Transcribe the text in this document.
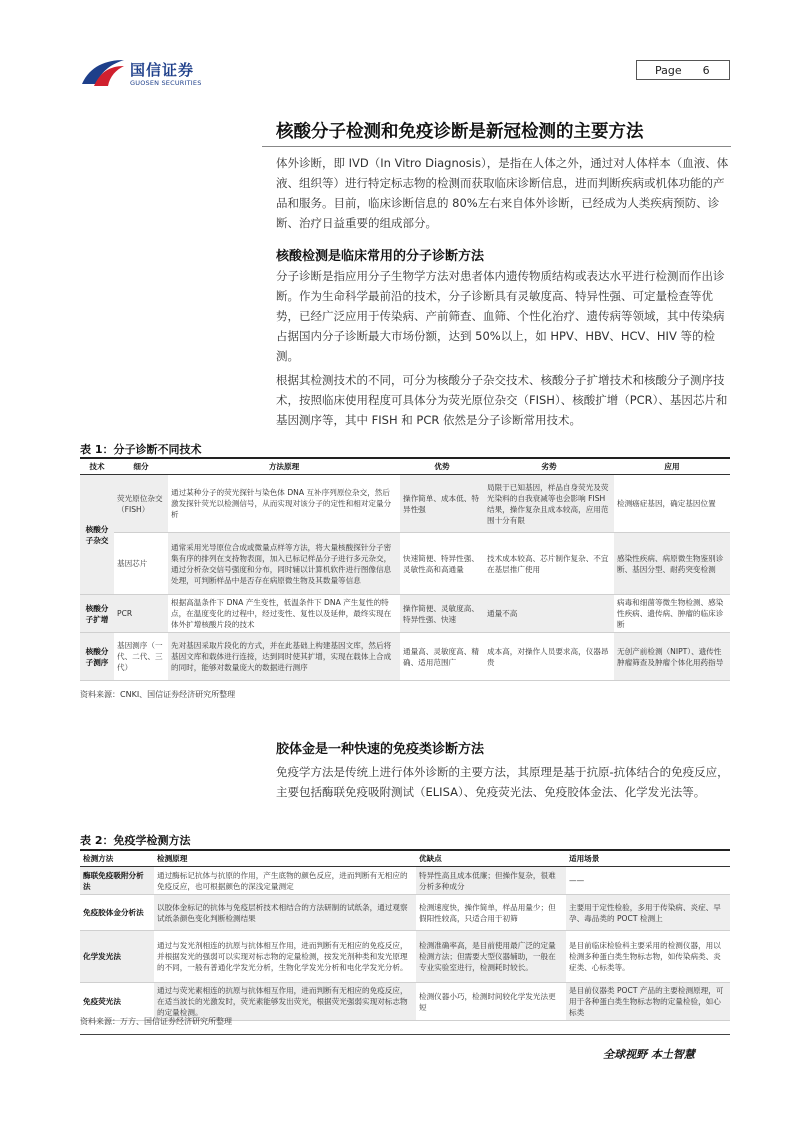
国信证券
GUOSEN SECURITIES
Page 6
核酸分子检测和免疫诊断是新冠检测的主要方法
体外诊断，即 IVD（In Vitro Diagnosis），是指在人体之外，通过对人体样本（血液、体液、组织等）进行特定标志物的检测而获取临床诊断信息，进而判断疾病或机体功能的产品和服务。目前，临床诊断信息的 80%左右来自体外诊断，已经成为人类疾病预防、诊断、治疗日益重要的组成部分。
核酸检测是临床常用的分子诊断方法
分子诊断是指应用分子生物学方法对患者体内遗传物质结构或表达水平进行检测而作出诊断。作为生命科学最前沿的技术，分子诊断具有灵敏度高、特异性强、可定量检查等优势，已经广泛应用于传染病、产前筛查、血筛、个性化治疗、遗传病等领域，其中传染病占据国内分子诊断最大市场份额，达到 50%以上，如 HPV、HBV、HCV、HIV 等的检测。
根据其检测技术的不同，可分为核酸分子杂交技术、核酸分子扩增技术和核酸分子测序技术，按照临床使用程度可具体分为荧光原位杂交（FISH）、核酸扩增（PCR）、基因芯片和基因测序等，其中 FISH 和 PCR 依然是分子诊断常用技术。
表 1：分子诊断不同技术
技术	细分	方法原理	优势	劣势	应用
核酸分子杂交	荧光原位杂交（FISH）	通过某种分子的荧光探针与染色体 DNA 互补序列原位杂交，然后激发探针荧光以检测信号，从而实现对该分子的定性和相对定量分析	操作简单、成本低、特异性强	局限于已知基因，样品自身荧光及荧光染料的自我衰减等也会影响 FISH 结果，操作复杂且成本较高，应用范围十分有限	检测癌症基因，确定基因位置
	基因芯片	通常采用光导原位合成或微量点样等方法，将大量核酸探针分子密集有序的排列在支持物表面，加入已标记样品分子进行多元杂交，通过分析杂交信号强度和分布，同时辅以计算机软件进行图像信息处理，可判断样品中是否存在病原微生物及其数量等信息	快速简便、特异性强、灵敏性高和高通量	技术成本较高、芯片制作复杂、不宜在基层推广使用	感染性疾病、病原微生物鉴别诊断、基因分型、耐药突变检测
核酸分子扩增	PCR	根据高温条件下 DNA 产生变性，低温条件下 DNA 产生复性的特点，在温度变化的过程中，经过变性、复性以及延伸，最终实现在体外扩增核酸片段的技术	操作简便、灵敏度高、特异性强、快速	通量不高	病毒和细菌等微生物检测、感染性疾病、遗传病、肿瘤的临床诊断
核酸分子测序	基因测序（一代、二代、三代）	先对基因采取片段化的方式，并在此基础上构建基因文库，然后将基因文库和载体进行连接，达到同时使其扩增，实现在载体上合成的同时，能够对数量庞大的数据进行测序	通量高、灵敏度高、精确、适用范围广	成本高，对操作人员要求高，仪器昂贵	无创产前检测（NIPT）、遗传性肿瘤筛查及肿瘤个体化用药指导
资料来源：CNKI、国信证券经济研究所整理
胶体金是一种快速的免疫类诊断方法
免疫学方法是传统上进行体外诊断的主要方法，其原理是基于抗原-抗体结合的免疫反应，主要包括酶联免疫吸附测试（ELISA）、免疫荧光法、免疫胶体金法、化学发光法等。
表 2：免疫学检测方法
检测方法	检测原理	优缺点	适用场景
酶联免疫吸附分析法	通过酶标记抗体与抗原的作用，产生底物的颜色反应，进而判断有无相应的免疫反应，也可根据颜色的深浅定量测定	特异性高且成本低廉；但操作复杂，很难分析多种成分	——
免疫胶体金分析法	以胶体金标记的抗体与免疫层析技术相结合的方法研制的试纸条，通过观察试纸条颜色变化判断检测结果	检测速度快，操作简单，样品用量少；但假阳性较高，只适合用于初筛	主要用于定性检验，多用于传染病、炎症、早孕、毒品类的 POCT 检测上
化学发光法	通过与发光剂相连的抗原与抗体相互作用，进而判断有无相应的免疫反应，并根据发光的强弱可以实现对标志物的定量检测，按发光剂种类和发光原理的不同，一般有普通化学发光分析，生物化学发光分析和电化学发光分析。	检测准确率高，是目前使用最广泛的定量检测方法；但需要大型仪器辅助，一般在专业实验室进行，检测耗时较长。	是目前临床检验科主要采用的检测仪器，用以检测多种蛋白类生物标志物，如传染病类、炎症类、心标类等。
免疫荧光法	通过与荧光素相连的抗原与抗体相互作用，进而判断有无相应的免疫反应，在适当波长的光激发时，荧光素能够发出荧光，根据荧光强弱实现对标志物的定量检测。	检测仪器小巧，检测时间较化学发光法更短	是目前仪器类 POCT 产品的主要检测原理，可用于各种蛋白类生物标志物的定量检验，如心标类
资料来源：万方、国信证券经济研究所整理
全球视野 本土智慧
